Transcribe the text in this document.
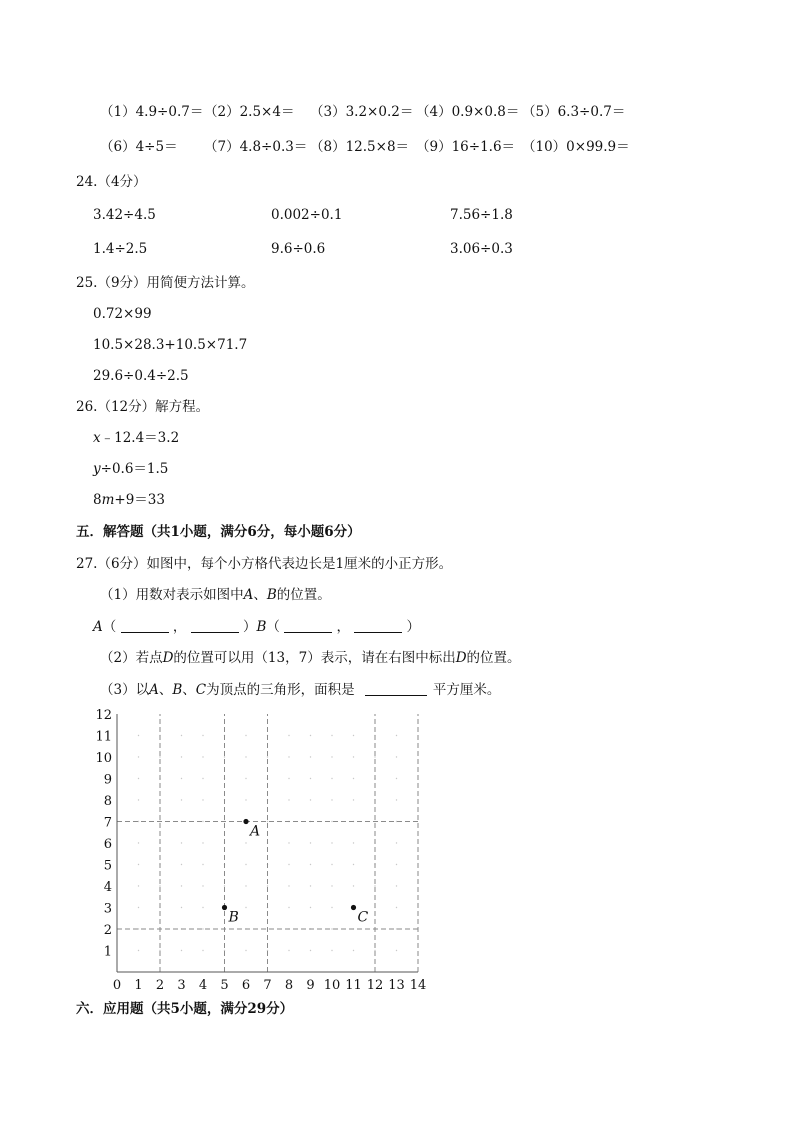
（1）4.9÷0.7＝ （2）2.5×4＝ （3）3.2×0.2＝ （4）0.9×0.8＝ （5）6.3÷0.7＝
（6）4÷5＝ （7）4.8÷0.3＝ （8）12.5×8＝ （9）16÷1.6＝ （10）0×99.9＝
24.（4分）
3.42÷4.5	0.002÷0.1	7.56÷1.8
1.4÷2.5	9.6÷0.6	3.06÷0.3
25.（9分）用简便方法计算。
0.72×99
10.5×28.3+10.5×71.7
29.6÷0.4÷2.5
26.（12分）解方程。
x﹣12.4＝3.2
y÷0.6＝1.5
8m+9＝33
五．解答题（共1小题，满分6分，每小题6分）
27.（6分）如图中，每个小方格代表边长是1厘米的小正方形。
（1）用数对表示如图中A、B的位置。
A（	，	）B（	，	）
（2）若点D的位置可以用（13，7）表示，请在右图中标出D的位置。
（3）以A、B、C为顶点的三角形，面积是	平方厘米。
0 1 2 3 4 5 6 7 8 9 10 11 12 13 14
1
2
3
4
5
6
7
8
9
10
11
12
A
B	C
六．应用题（共5小题，满分29分）
